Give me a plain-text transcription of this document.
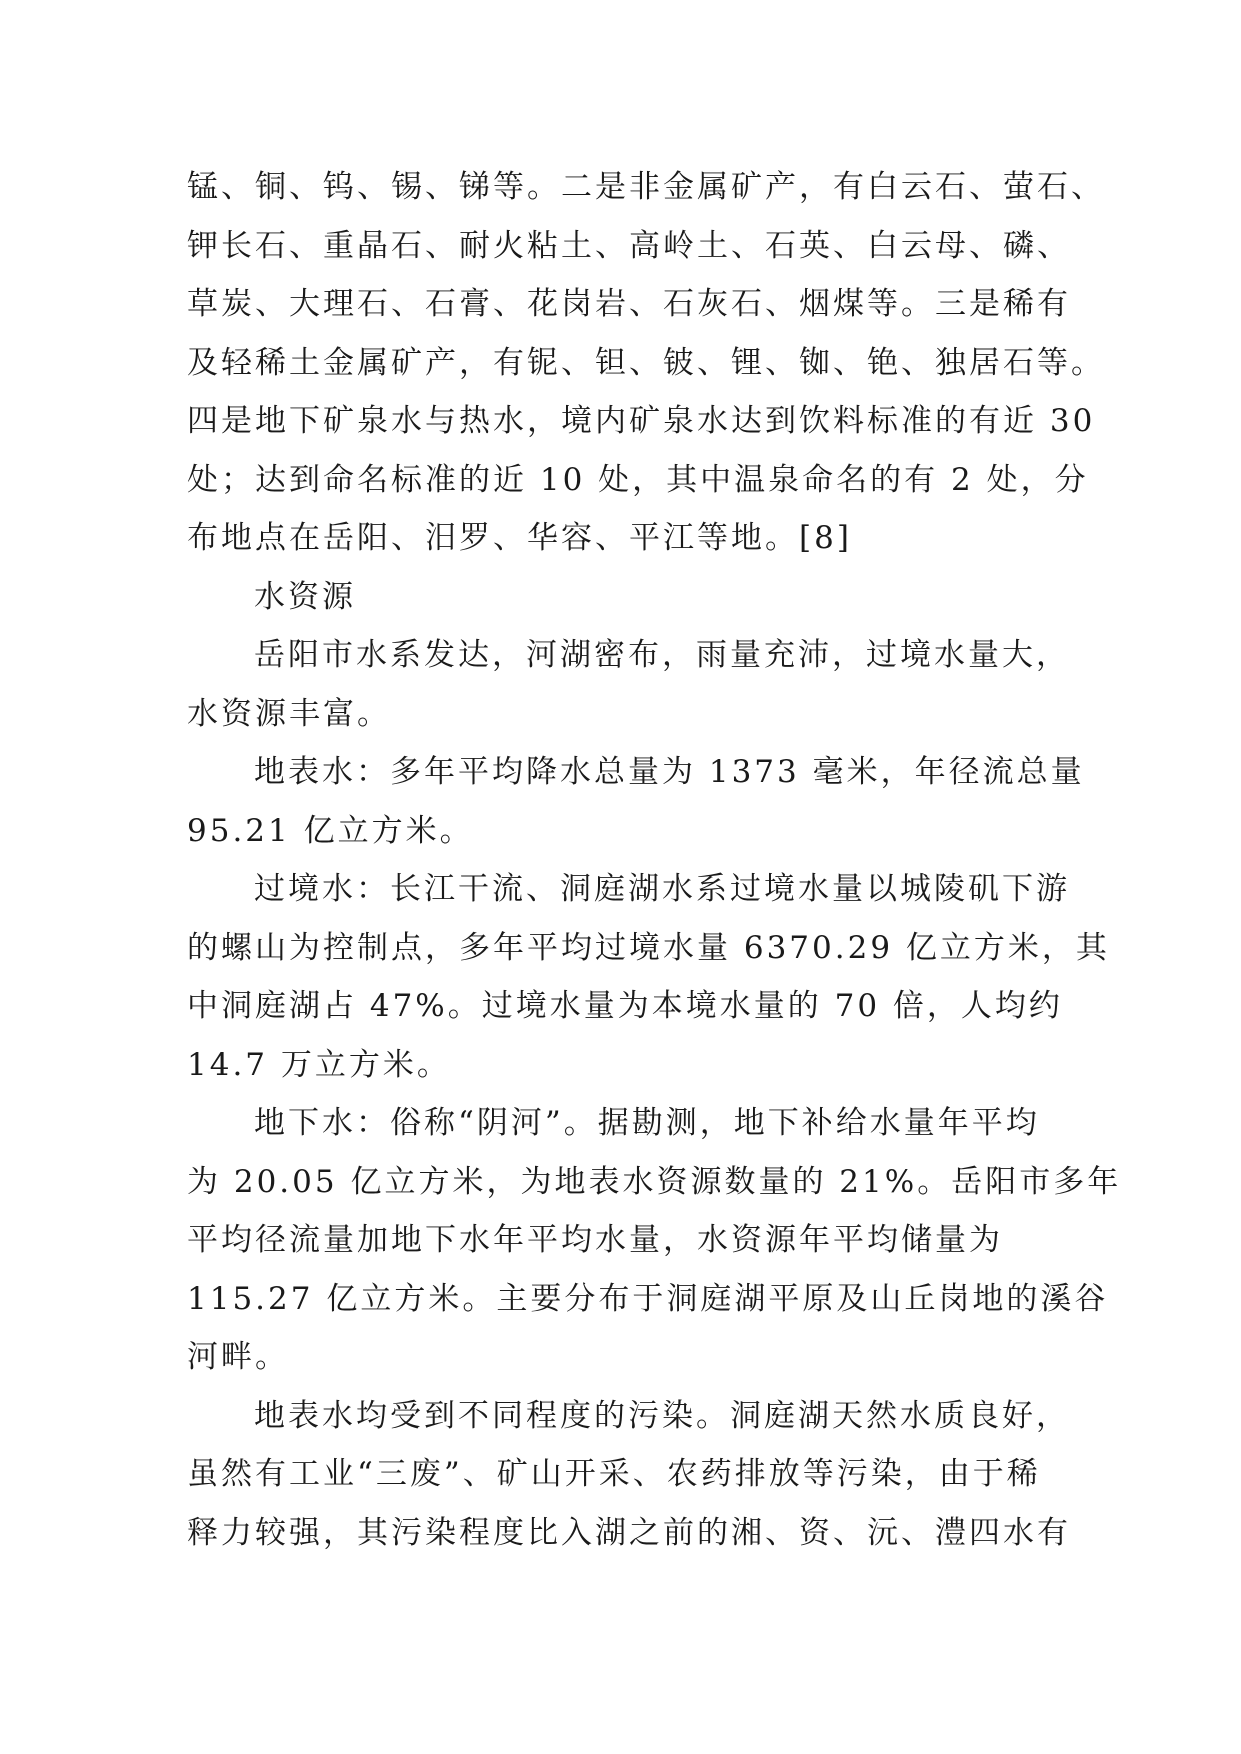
锰、铜、钨、锡、锑等。二是非金属矿产，有白云石、萤石、
钾长石、重晶石、耐火粘土、高岭土、石英、白云母、磷、
草炭、大理石、石膏、花岗岩、石灰石、烟煤等。三是稀有
及轻稀土金属矿产，有铌、钽、铍、锂、铷、铯、独居石等。
四是地下矿泉水与热水，境内矿泉水达到饮料标准的有近 30
处；达到命名标准的近 10 处，其中温泉命名的有 2 处，分
布地点在岳阳、汨罗、华容、平江等地。[8]
水资源
岳阳市水系发达，河湖密布，雨量充沛，过境水量大，
水资源丰富。
地表水：多年平均降水总量为 1373 毫米，年径流总量
95.21 亿立方米。
过境水：长江干流、洞庭湖水系过境水量以城陵矶下游
的螺山为控制点，多年平均过境水量 6370.29 亿立方米，其
中洞庭湖占 47%。过境水量为本境水量的 70 倍，人均约
14.7 万立方米。
地下水：俗称“阴河”。据勘测，地下补给水量年平均
为 20.05 亿立方米，为地表水资源数量的 21%。岳阳市多年
平均径流量加地下水年平均水量，水资源年平均储量为
115.27 亿立方米。主要分布于洞庭湖平原及山丘岗地的溪谷
河畔。
地表水均受到不同程度的污染。洞庭湖天然水质良好，
虽然有工业“三废”、矿山开采、农药排放等污染，由于稀
释力较强，其污染程度比入湖之前的湘、资、沅、澧四水有
